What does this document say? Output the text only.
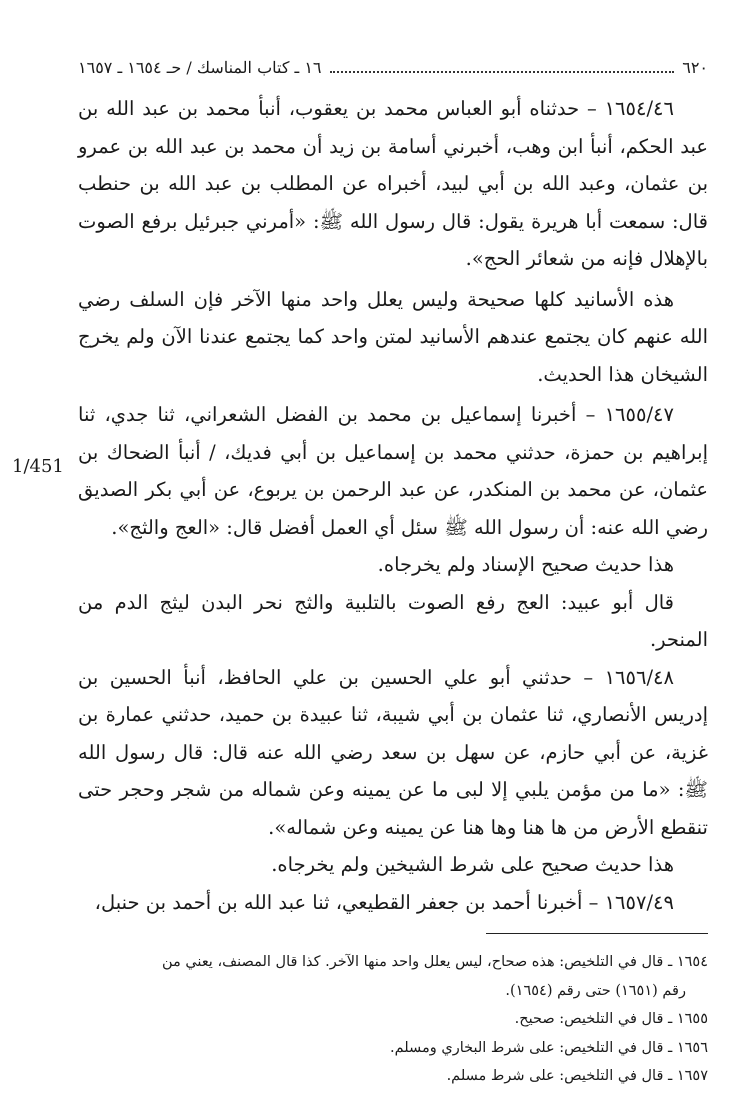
٦٢٠
١٦ ـ كتاب المناسك / حـ ١٦٥٤ ـ ١٦٥٧
1/451

١٦٥٤/٤٦ – حدثناه أبو العباس محمد بن يعقوب، أنبأ محمد بن عبد الله بن عبد الحكم، أنبأ ابن وهب، أخبرني أسامة بن زيد أن محمد بن عبد الله بن عمرو بن عثمان، وعبد الله بن أبي لبيد، أخبراه عن المطلب بن عبد الله بن حنطب قال: سمعت أبا هريرة يقول: قال رسول الله ﷺ: «أمرني جبرئيل برفع الصوت بالإهلال فإنه من شعائر الحج».

هذه الأسانيد كلها صحيحة وليس يعلل واحد منها الآخر فإن السلف رضي الله عنهم كان يجتمع عندهم الأسانيد لمتن واحد كما يجتمع عندنا الآن ولم يخرج الشيخان هذا الحديث.

١٦٥٥/٤٧ – أخبرنا إسماعيل بن محمد بن الفضل الشعراني، ثنا جدي، ثنا إبراهيم بن حمزة، حدثني محمد بن إسماعيل بن أبي فديك، / أنبأ الضحاك بن عثمان، عن محمد بن المنكدر، عن عبد الرحمن بن يربوع، عن أبي بكر الصديق رضي الله عنه: أن رسول الله ﷺ سئل أي العمل أفضل قال: «العج والثج».

هذا حديث صحيح الإسناد ولم يخرجاه.

قال أبو عبيد: العج رفع الصوت بالتلبية والثج نحر البدن ليثج الدم من المنحر.

١٦٥٦/٤٨ – حدثني أبو علي الحسين بن علي الحافظ، أنبأ الحسين بن إدريس الأنصاري، ثنا عثمان بن أبي شيبة، ثنا عبيدة بن حميد، حدثني عمارة بن غزية، عن أبي حازم، عن سهل بن سعد رضي الله عنه قال: قال رسول الله ﷺ: «ما من مؤمن يلبي إلا لبى ما عن يمينه وعن شماله من شجر وحجر حتى تنقطع الأرض من ها هنا وها هنا عن يمينه وعن شماله».

هذا حديث صحيح على شرط الشيخين ولم يخرجاه.

١٦٥٧/٤٩ – أخبرنا أحمد بن جعفر القطيعي، ثنا عبد الله بن أحمد بن حنبل،

١٦٥٤ ـ قال في التلخيص: هذه صحاح، ليس يعلل واحد منها الآخر. كذا قال المصنف، يعني من
رقم (١٦٥١) حتى رقم (١٦٥٤).

١٦٥٥ ـ قال في التلخيص: صحيح.

١٦٥٦ ـ قال في التلخيص: على شرط البخاري ومسلم.

١٦٥٧ ـ قال في التلخيص: على شرط مسلم.
